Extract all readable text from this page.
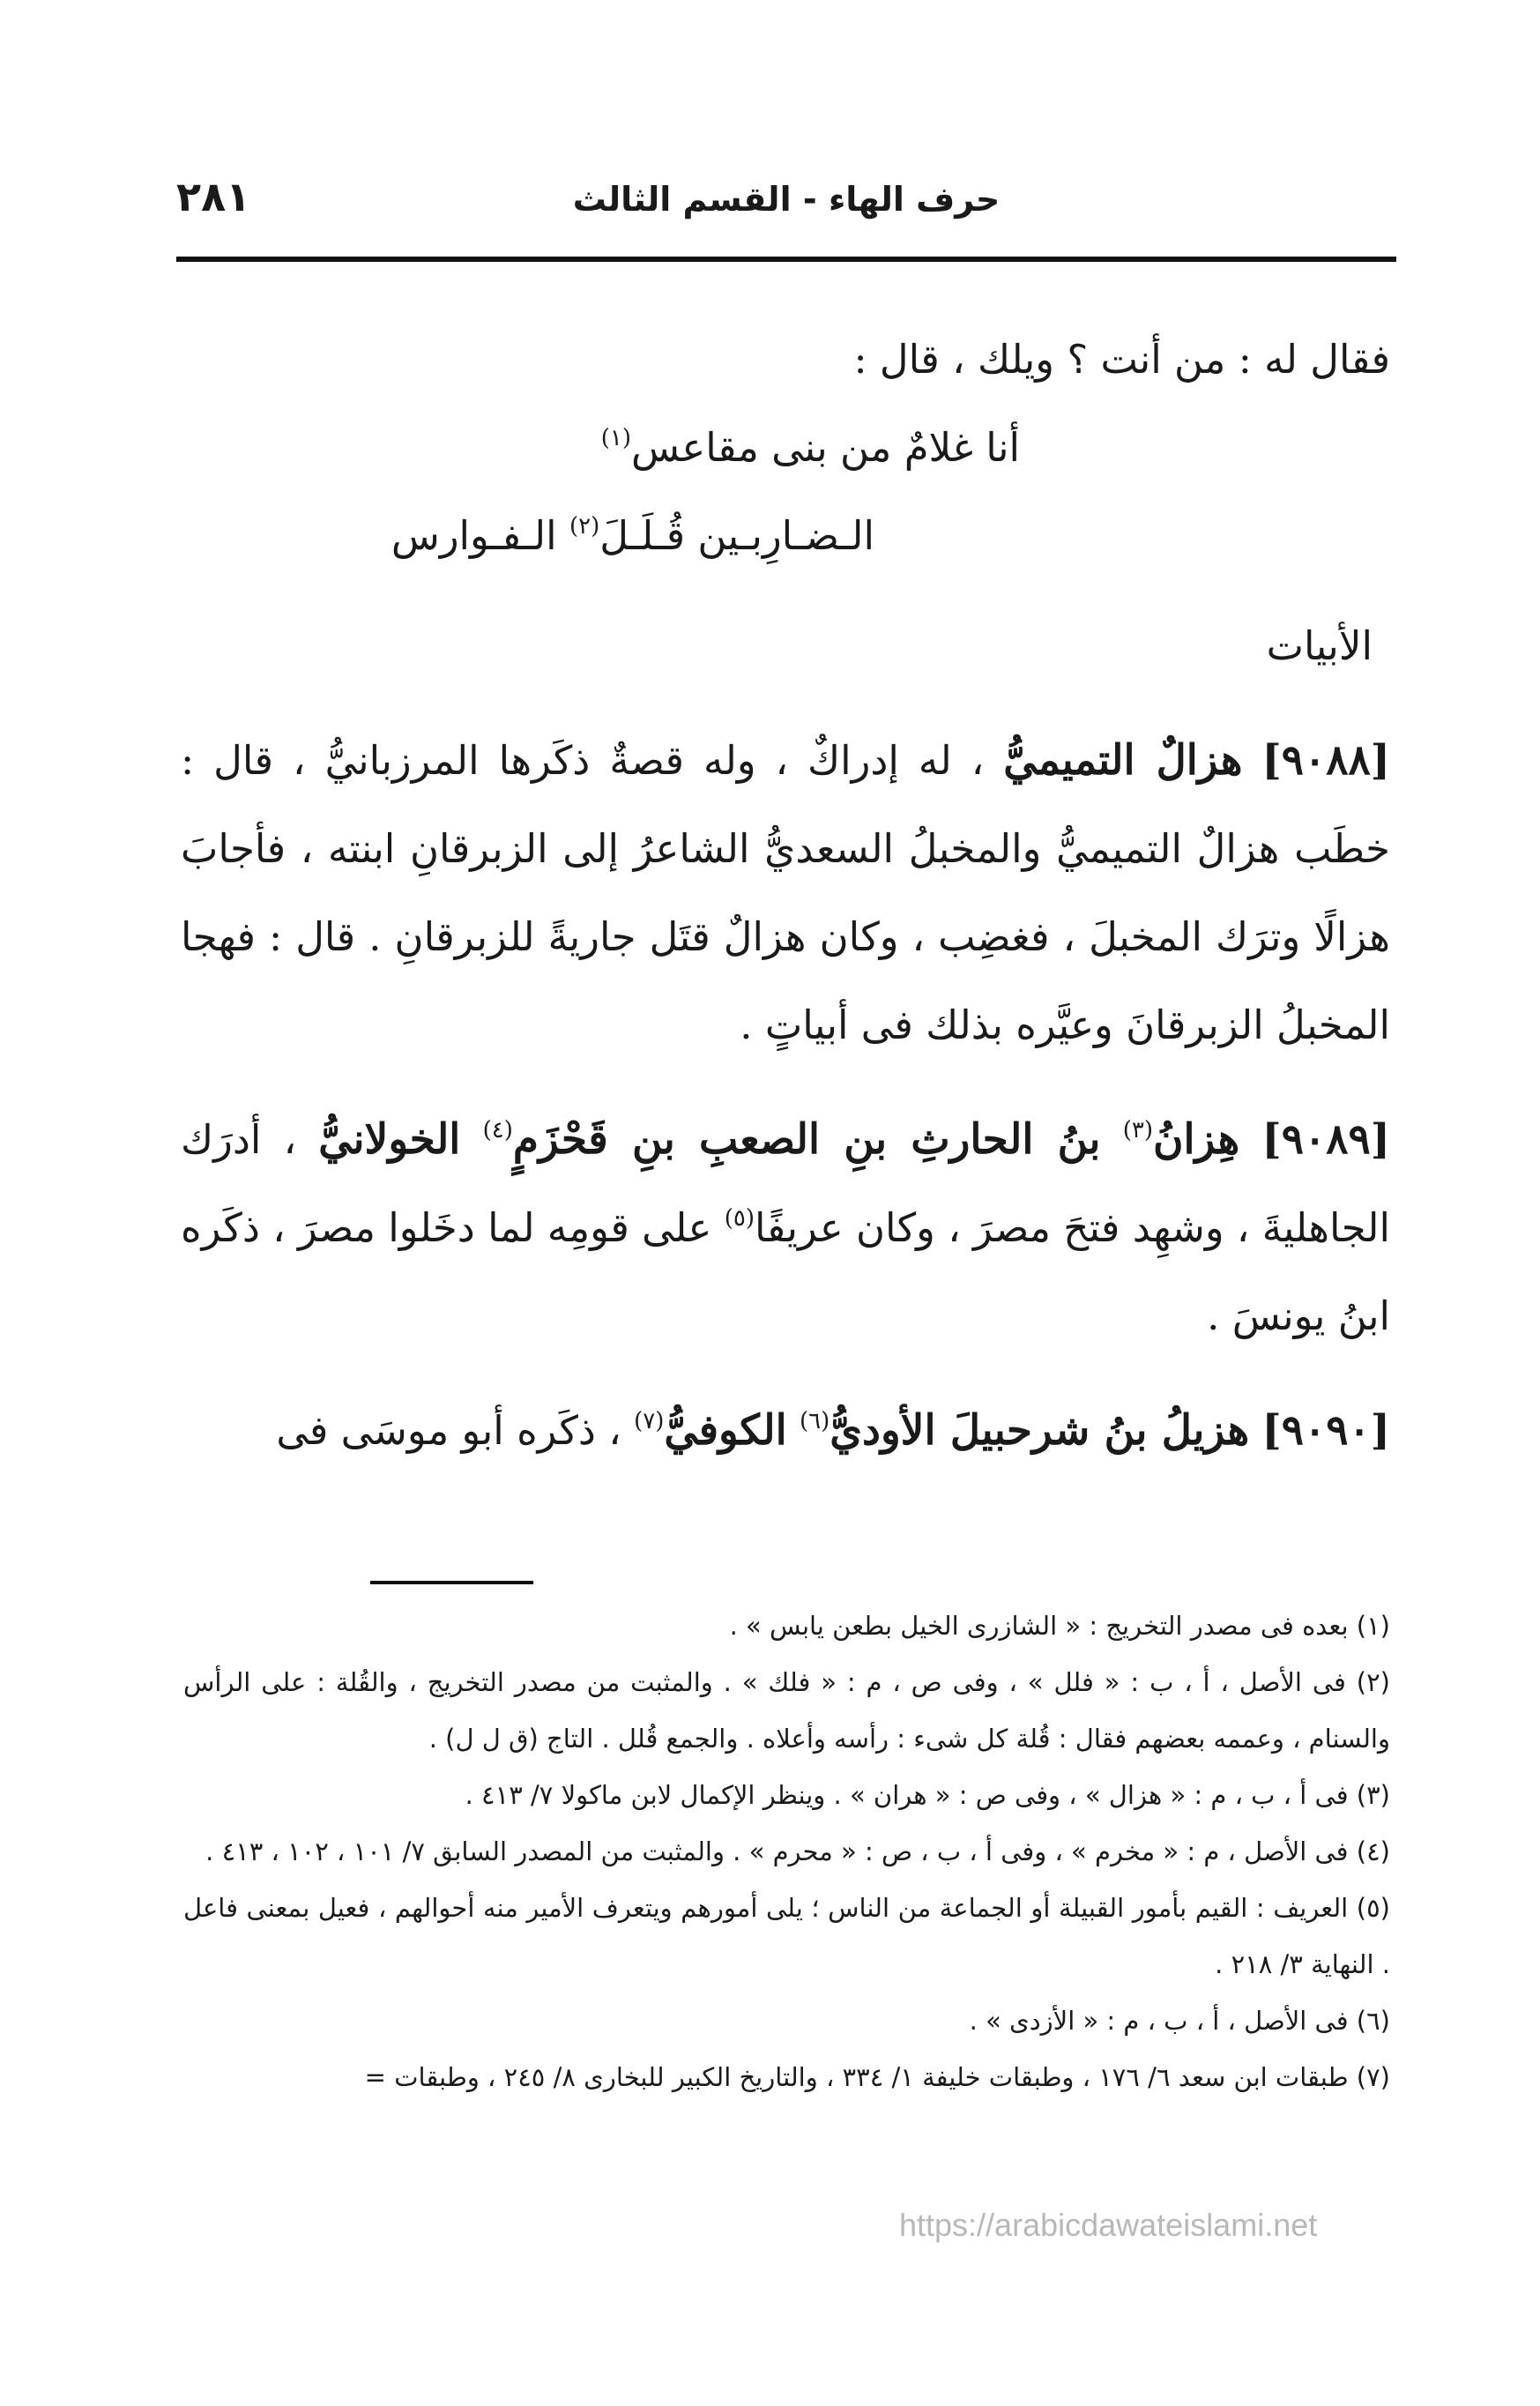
حرف الهاء - القسم الثالث
٢٨١

فقال له : من أنت ؟ ويلك ، قال :

أنا غلامٌ من بنى مقاعس$^{(١)}$

الـضـارِبـين قُـلَـلَ$^{(٢)}$ الـفـوارس

الأبيات

[٩٠٨٨] هزالٌ التميميُّ ، له إدراكٌ ، وله قصةٌ ذكَرها المرزبانيُّ ، قال : خطَب هزالٌ التميميُّ والمخبلُ السعديُّ الشاعرُ إلى الزبرقانِ ابنته ، فأجابَ هزالًا وترَك المخبلَ ، فغضِب ، وكان هزالٌ قتَل جاريةً للزبرقانِ . قال : فهجا المخبلُ الزبرقانَ وعيَّره بذلك فى أبياتٍ .

[٩٠٨٩] هِزانُ$^{(٣)}$ بنُ الحارثِ بنِ الصعبِ بنِ قَحْزَمٍ$^{(٤)}$ الخولانيُّ ، أدرَك الجاهليةَ ، وشهِد فتحَ مصرَ ، وكان عريفًا$^{(٥)}$ على قومِه لما دخَلوا مصرَ ، ذكَره ابنُ يونسَ .

[٩٠٩٠] هزيلُ بنُ شرحبيلَ الأوديُّ$^{(٦)}$ الكوفيُّ$^{(٧)}$ ، ذكَره أبو موسَى فى

(١) بعده فى مصدر التخريج : « الشازرى الخيل بطعن يابس » .

(٢) فى الأصل ، أ ، ب : « فلل » ، وفى ص ، م : « فلك » . والمثبت من مصدر التخريج ، والقُلة : على الرأس والسنام ، وعممه بعضهم فقال : قُلة كل شىء : رأسه وأعلاه . والجمع قُلل . التاج (ق ل ل) .

(٣) فى أ ، ب ، م : « هزال » ، وفى ص : « هران » . وينظر الإكمال لابن ماكولا ٧/ ٤١٣ .

(٤) فى الأصل ، م : « مخرم » ، وفى أ ، ب ، ص : « محرم » . والمثبت من المصدر السابق ٧/ ١٠١ ، ١٠٢ ، ٤١٣ .

(٥) العريف : القيم بأمور القبيلة أو الجماعة من الناس ؛ يلى أمورهم ويتعرف الأمير منه أحوالهم ، فعيل بمعنى فاعل . النهاية ٣/ ٢١٨ .

(٦) فى الأصل ، أ ، ب ، م : « الأزدى » .

(٧) طبقات ابن سعد ٦/ ١٧٦ ، وطبقات خليفة ١/ ٣٣٤ ، والتاريخ الكبير للبخارى ٨/ ٢٤٥ ، وطبقات =

https://arabicdawateislami.net
